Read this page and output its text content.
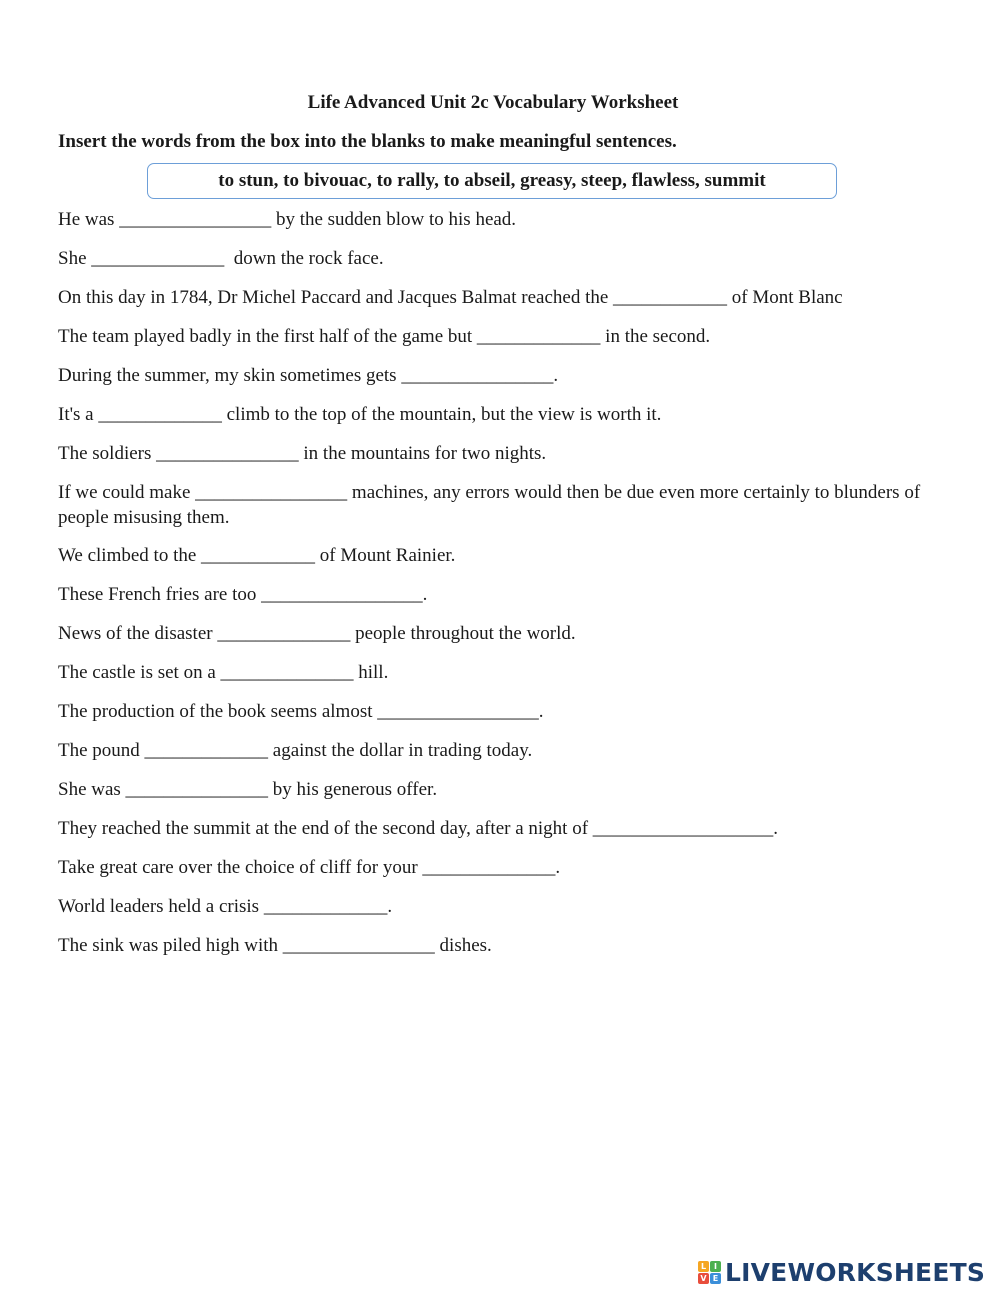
Life Advanced Unit 2c Vocabulary Worksheet
Insert the words from the box into the blanks to make meaningful sentences.
to stun, to bivouac, to rally, to abseil, greasy, steep, flawless, summit
He was ________________ by the sudden blow to his head.
She ______________  down the rock face.
On this day in 1784, Dr Michel Paccard and Jacques Balmat reached the ____________ of Mont Blanc
The team played badly in the first half of the game but _____________ in the second.
During the summer, my skin sometimes gets ________________.
It's a _____________ climb to the top of the mountain, but the view is worth it.
The soldiers _______________ in the mountains for two nights.
If we could make ________________ machines, any errors would then be due even more certainly to blunders of people misusing them.
We climbed to the ____________ of Mount Rainier.
These French fries are too _________________.
News of the disaster ______________ people throughout the world.
The castle is set on a ______________ hill.
The production of the book seems almost _________________.
The pound _____________ against the dollar in trading today.
She was _______________ by his generous offer.
They reached the summit at the end of the second day, after a night of ___________________.
Take great care over the choice of cliff for your ______________.
World leaders held a crisis _____________.
The sink was piled high with ________________ dishes.
L I
V E LIVEWORKSHEETS
